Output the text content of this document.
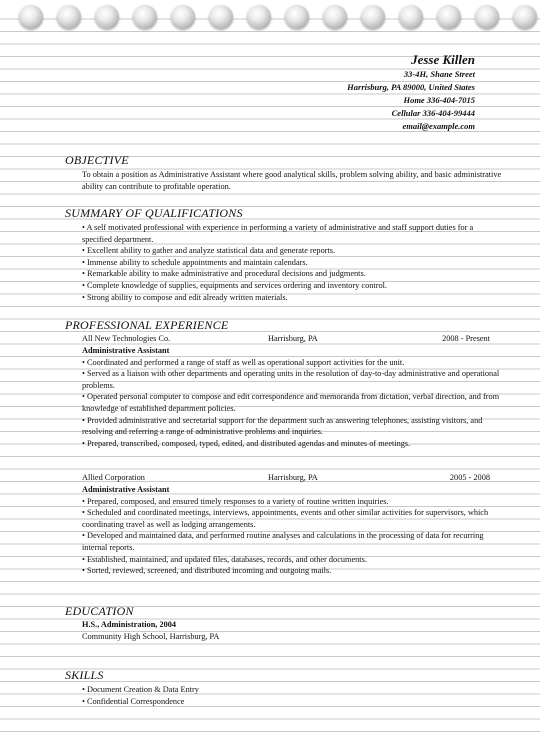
Jesse Killen
33-4H, Shane Street
Harrisburg, PA 89000, United States
Home 336-404-7015
Cellular 336-404-99444
email@example.com
OBJECTIVE
To obtain a position as Administrative Assistant where good analytical skills, problem solving ability, and basic administrative ability can contribute to profitable operation.
SUMMARY OF QUALIFICATIONS

• A self motivated professional with experience in performing a variety of administrative and staff support duties for a specified department.

• Excellent ability to gather and analyze statistical data and generate reports.

• Immense ability to schedule appointments and maintain calendars.

• Remarkable ability to make administrative and procedural decisions and judgments.

• Complete knowledge of supplies, equipments and services ordering and inventory control.

• Strong ability to compose and edit already written materials.

PROFESSIONAL EXPERIENCE
All New Technologies Co.	Harrisburg, PA	2008 - Present

Administrative Assistant

• Coordinated and performed a range of staff as well as operational support activities for the unit.

• Served as a liaison with other departments and operating units in the resolution of day-to-day administrative and operational problems.

• Operated personal computer to compose and edit correspondence and memoranda from dictation, verbal direction, and from knowledge of established department policies.

• Provided administrative and secretarial support for the department such as answering telephones, assisting visitors, and resolving and referring a range of administrative problems and inquiries.

• Prepared, transcribed, composed, typed, edited, and distributed agendas and minutes of meetings.

Allied Corporation	Harrisburg, PA	2005 - 2008

Administrative Assistant

• Prepared, composed, and ensured timely responses to a variety of routine written inquiries.

• Scheduled and coordinated meetings, interviews, appointments, events and other similar activities for supervisors, which coordinating travel as well as lodging arrangements.

• Developed and maintained data, and performed routine analyses and calculations in the processing of data for recurring internal reports.

• Established, maintained, and updated files, databases, records, and other documents.

• Sorted, reviewed, screened, and distributed incoming and outgoing mails.

EDUCATION

H.S., Administration, 2004

Community High School, Harrisburg, PA

SKILLS

• Document Creation & Data Entry

• Confidential Correspondence
